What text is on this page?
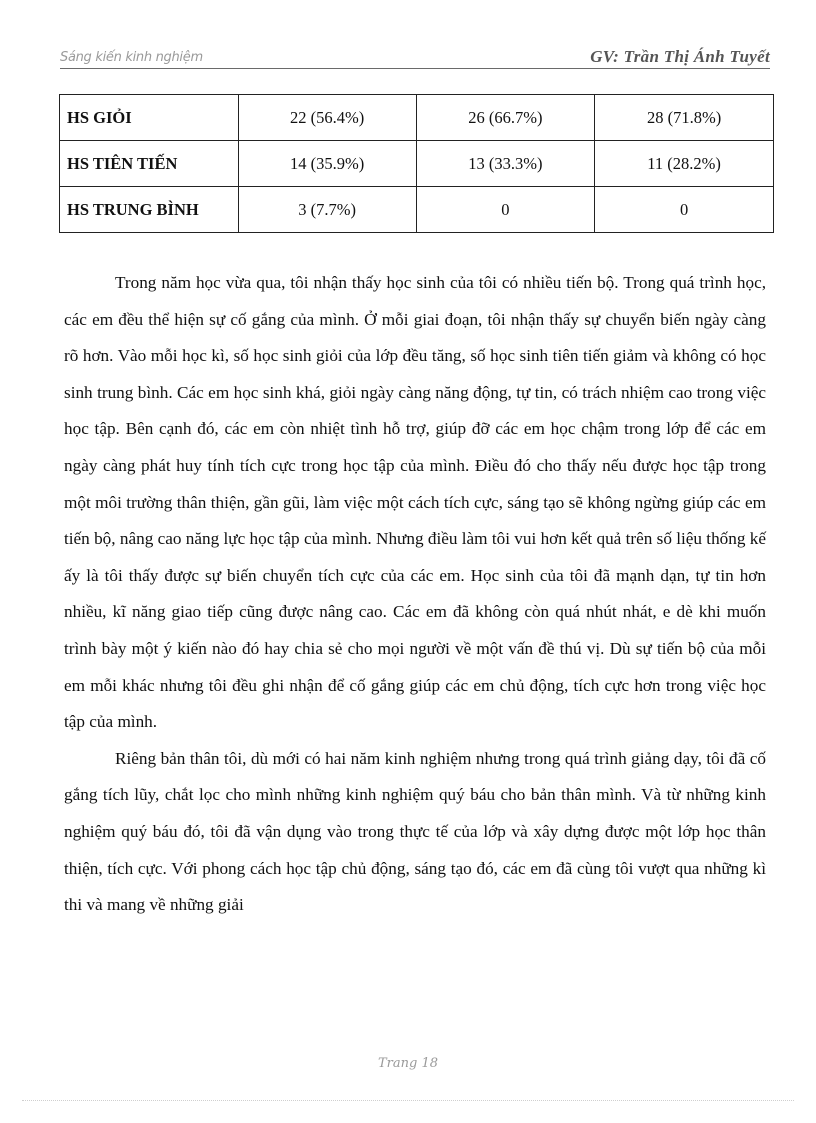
Sáng kiến kinh nghiệm	GV: Trần Thị Ánh Tuyết
HS GIỎI	22 (56.4%)	26 (66.7%)	28 (71.8%)
HS TIÊN TIẾN	14 (35.9%)	13 (33.3%)	11 (28.2%)
HS TRUNG BÌNH	3 (7.7%)	0	0

Trong năm học vừa qua, tôi nhận thấy học sinh của tôi có nhiều tiến bộ. Trong quá trình học, các em đều thể hiện sự cố gắng của mình. Ở mỗi giai đoạn, tôi nhận thấy sự chuyển biến ngày càng rõ hơn. Vào mỗi học kì, số học sinh giỏi của lớp đều tăng, số học sinh tiên tiến giảm và không có học sinh trung bình. Các em học sinh khá, giỏi ngày càng năng động, tự tin, có trách nhiệm cao trong việc học tập. Bên cạnh đó, các em còn nhiệt tình hỗ trợ, giúp đỡ các em học chậm trong lớp để các em ngày càng phát huy tính tích cực trong học tập của mình. Điều đó cho thấy nếu được học tập trong một môi trường thân thiện, gần gũi, làm việc một cách tích cực, sáng tạo sẽ không ngừng giúp các em tiến bộ, nâng cao năng lực học tập của mình. Nhưng điều làm tôi vui hơn kết quả trên số liệu thống kế ấy là tôi thấy được sự biến chuyển tích cực của các em. Học sinh của tôi đã mạnh dạn, tự tin hơn nhiều, kĩ năng giao tiếp cũng được nâng cao. Các em đã không còn quá nhút nhát, e dè khi muốn trình bày một ý kiến nào đó hay chia sẻ cho mọi người về một vấn đề thú vị. Dù sự tiến bộ của mỗi em mỗi khác nhưng tôi đều ghi nhận để cố gắng giúp các em chủ động, tích cực hơn trong việc học tập của mình.

Riêng bản thân tôi, dù mới có hai năm kinh nghiệm nhưng trong quá trình giảng dạy, tôi đã cố gắng tích lũy, chắt lọc cho mình những kinh nghiệm quý báu cho bản thân mình. Và từ những kinh nghiệm quý báu đó, tôi đã vận dụng vào trong thực tế của lớp và xây dựng được một lớp học thân thiện, tích cực. Với phong cách học tập chủ động, sáng tạo đó, các em đã cùng tôi vượt qua những kì thi và mang về những giải

Trang 18
